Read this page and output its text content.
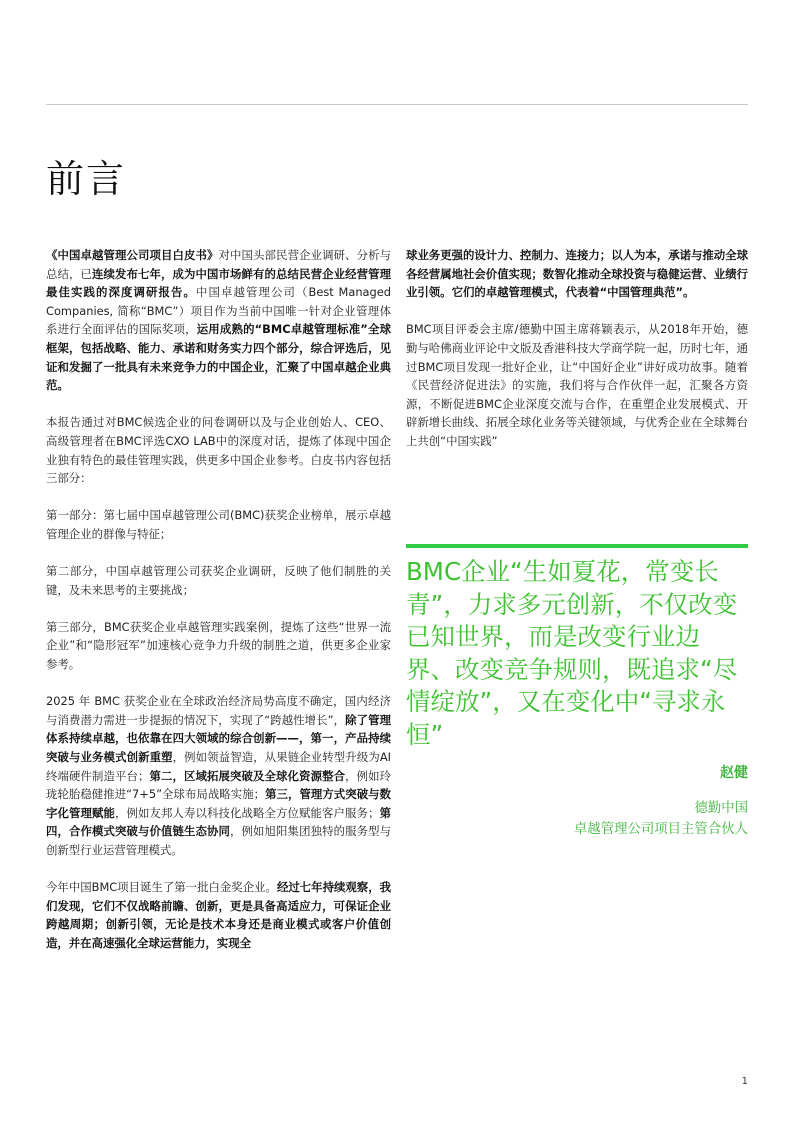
前言

《中国卓越管理公司项目白皮书》对中国头部民营企业调研、分析与总结，已连续发布七年，成为中国市场鲜有的总结民营企业经营管理最佳实践的深度调研报告。中国卓越管理公司（Best Managed Companies, 简称“BMC”）项目作为当前中国唯一针对企业管理体系进行全面评估的国际奖项，运用成熟的“BMC卓越管理标准”全球框架，包括战略、能力、承诺和财务实力四个部分，综合评选后，见证和发掘了一批具有未来竞争力的中国企业，汇聚了中国卓越企业典范。

本报告通过对BMC候选企业的问卷调研以及与企业创始人、CEO、高级管理者在BMC评选CXO LAB中的深度对话，提炼了体现中国企业独有特色的最佳管理实践，供更多中国企业参考。白皮书内容包括三部分：

第一部分：第七届中国卓越管理公司(BMC)获奖企业榜单，展示卓越管理企业的群像与特征；

第二部分，中国卓越管理公司获奖企业调研，反映了他们制胜的关键，及未来思考的主要挑战；

第三部分，BMC获奖企业卓越管理实践案例，提炼了这些“世界一流企业”和“隐形冠军”加速核心竞争力升级的制胜之道，供更多企业家参考。

2025 年 BMC 获奖企业在全球政治经济局势高度不确定，国内经济与消费潜力需进一步提振的情况下，实现了“跨越性增长”，除了管理体系持续卓越，也依靠在四大领域的综合创新——，第一，产品持续突破与业务模式创新重塑，例如领益智造，从果链企业转型升级为AI终端硬件制造平台；第二，区域拓展突破及全球化资源整合，例如玲珑轮胎稳健推进“7+5”全球布局战略实施；第三，管理方式突破与数字化管理赋能，例如友邦人寿以科技化战略全方位赋能客户服务；第四，合作模式突破与价值链生态协同，例如旭阳集团独特的服务型与创新型行业运营管理模式。

今年中国BMC项目诞生了第一批白金奖企业。经过七年持续观察，我们发现，它们不仅战略前瞻、创新，更是具备高适应力，可保证企业跨越周期；创新引领，无论是技术本身还是商业模式或客户价值创造，并在高速强化全球运营能力，实现全

球业务更强的设计力、控制力、连接力；以人为本，承诺与推动全球各经营属地社会价值实现；数智化推动全球投资与稳健运营、业绩行业引领。它们的卓越管理模式，代表着“中国管理典范”。

BMC项目评委会主席/德勤中国主席蒋颖表示，从2018年开始，德勤与哈佛商业评论中文版及香港科技大学商学院一起，历时七年，通过BMC项目发现一批好企业，让“中国好企业”讲好成功故事。随着《民营经济促进法》的实施，我们将与合作伙伴一起，汇聚各方资源，不断促进BMC企业深度交流与合作，在重塑企业发展模式、开辟新增长曲线、拓展全球化业务等关键领域，与优秀企业在全球舞台上共创“中国实践”

BMC企业“生如夏花，常变长青”，力求多元创新，不仅改变已知世界，而是改变行业边界、改变竞争规则，既追求“尽情绽放”，又在变化中“寻求永恒”

赵健
德勤中国
卓越管理公司项目主管合伙人
1
